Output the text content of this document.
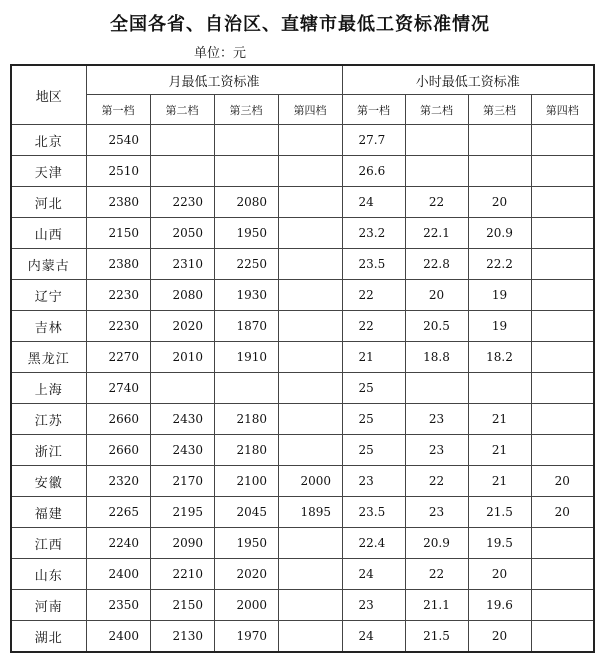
全国各省、自治区、直辖市最低工资标准情况
单位：元
地区	月最低工资标准				小时最低工资标准			
	第一档	第二档	第三档	第四档	第一档	第二档	第三档	第四档
北京	2540				27.7			
天津	2510				26.6			
河北	2380	2230	2080		24	22	20	
山西	2150	2050	1950		23.2	22.1	20.9	
内蒙古	2380	2310	2250		23.5	22.8	22.2	
辽宁	2230	2080	1930		22	20	19	
吉林	2230	2020	1870		22	20.5	19	
黑龙江	2270	2010	1910		21	18.8	18.2	
上海	2740				25			
江苏	2660	2430	2180		25	23	21	
浙江	2660	2430	2180		25	23	21	
安徽	2320	2170	2100	2000	23	22	21	20
福建	2265	2195	2045	1895	23.5	23	21.5	20
江西	2240	2090	1950		22.4	20.9	19.5	
山东	2400	2210	2020		24	22	20	
河南	2350	2150	2000		23	21.1	19.6	
湖北	2400	2130	1970		24	21.5	20	
